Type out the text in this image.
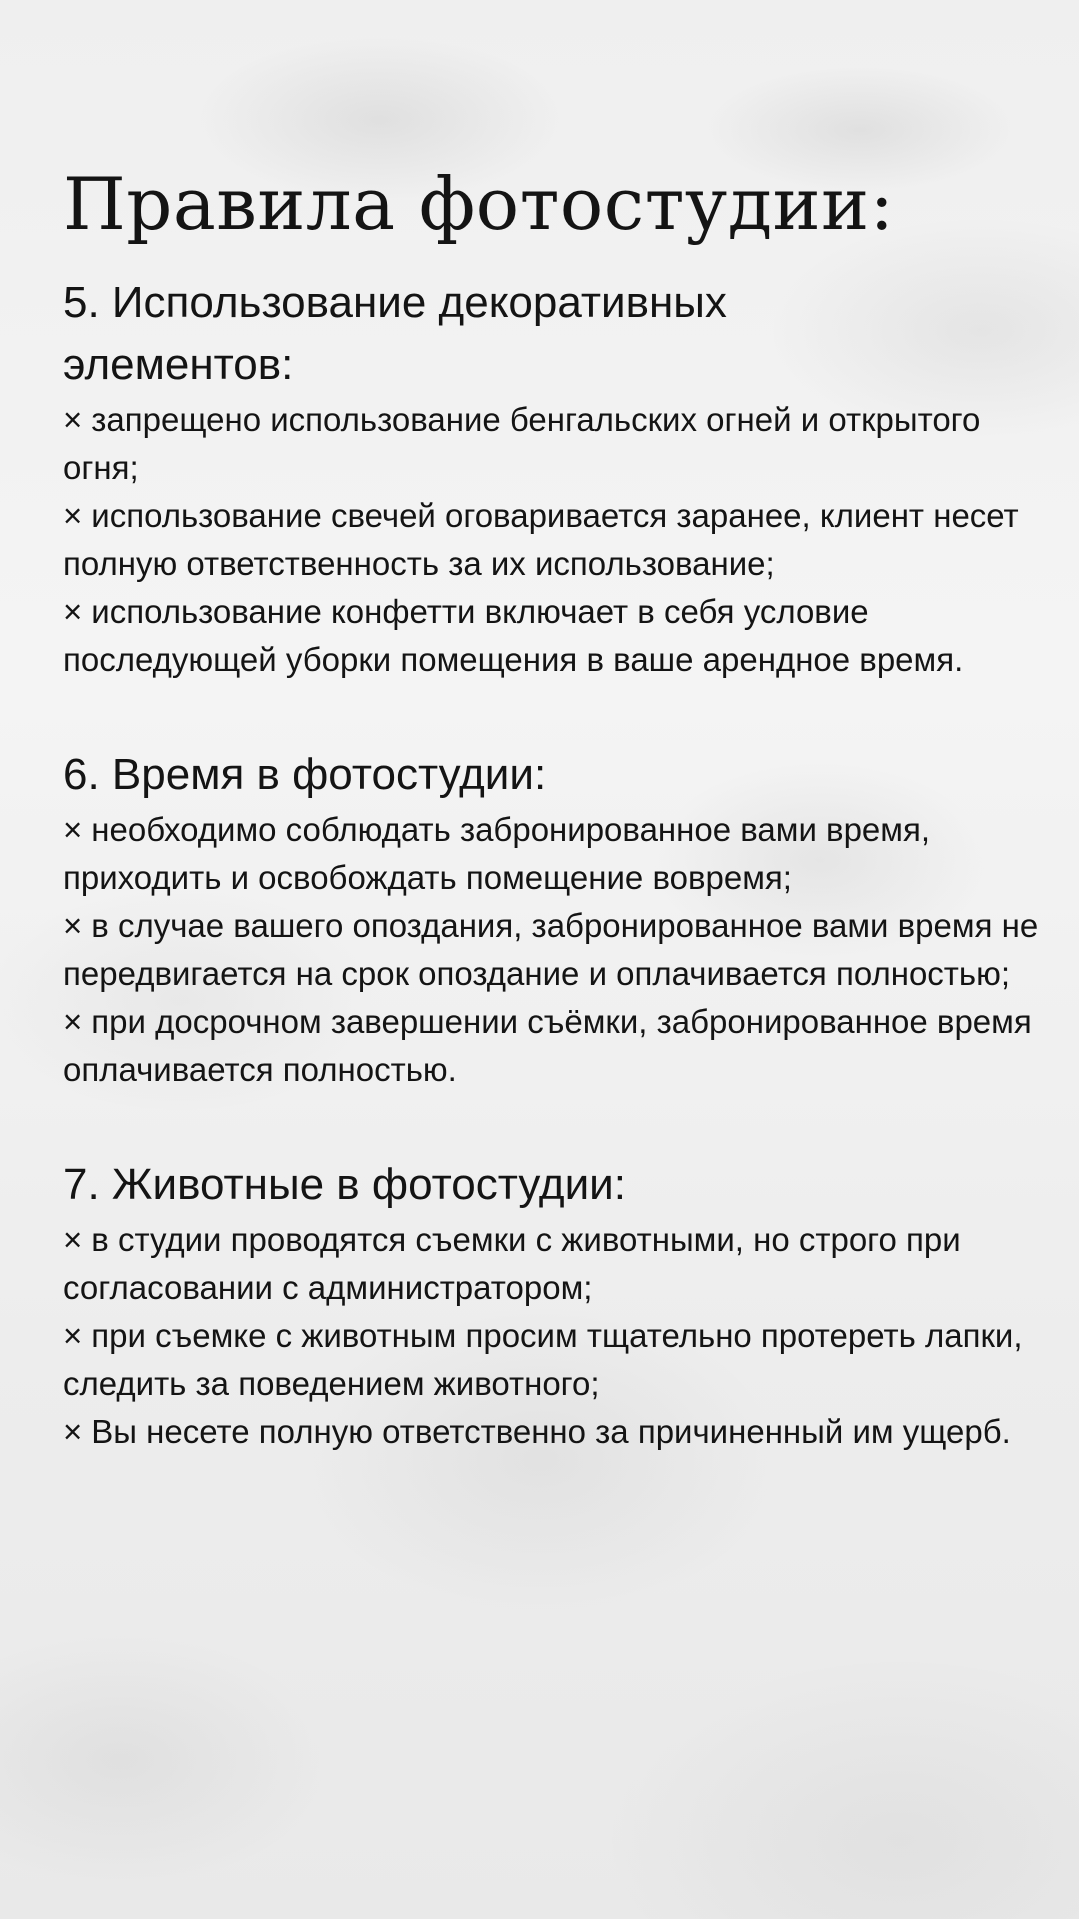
Правила фотостудии:
5. Использование декоративных элементов:

× запрещено использование бенгальских огней и открытого огня;

× использование свечей оговаривается заранее, клиент несет полную ответственность за их использование;

× использование конфетти включает в себя условие последующей уборки помещения в ваше арендное время.

6. Время в фотостудии:

× необходимо соблюдать забронированное вами время, приходить и освобождать помещение вовремя;

× в случае вашего опоздания, забронированное вами время не передвигается на срок опоздание и оплачивается полностью;

× при досрочном завершении съёмки, забронированное время оплачивается полностью.

7. Животные в фотостудии:

× в студии проводятся съемки с животными, но строго при согласовании с администратором;

× при съемке с животным просим тщательно протереть лапки, следить за поведением животного;

× Вы несете полную ответственно за причиненный им ущерб.
